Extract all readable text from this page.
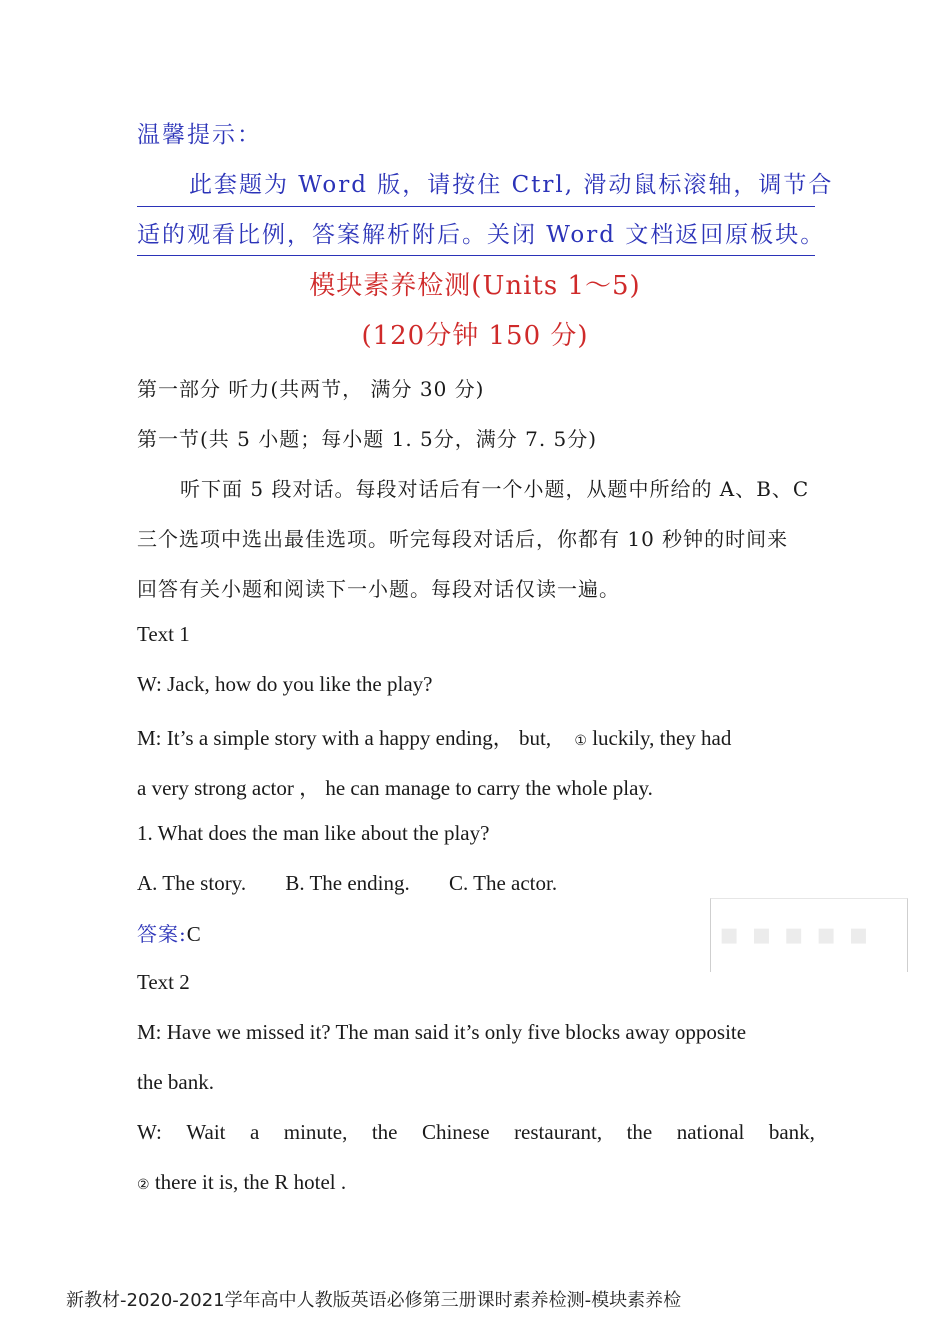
温馨提示：
此套题为 Word 版，请按住 Ctrl, 滑动鼠标滚轴，调节合
适的观看比例，答案解析附后。关闭 Word 文档返回原板块。
模块素养检测(Units 1～5)
(120分钟 150 分)
第一部分 听力(共两节， 满分 30 分)
第一节(共 5 小题；每小题 1. 5分，满分 7. 5分)
听下面 5 段对话。每段对话后有一个小题，从题中所给的 A、B、C
三个选项中选出最佳选项。听完每段对话后，你都有 10 秒钟的时间来
回答有关小题和阅读下一小题。每段对话仅读一遍。
Text 1
W: Jack, how do you like the play?
M: It’s a simple story with a happy ending， but, ① luckily, they had
a very strong actor ， he can manage to carry the whole play.
1. What does the man like about the play?
A. The story. B. The ending. C. The actor.
答案:C	▪▪▪▪▪
Text 2
M: Have we missed it? The man said it’s only five blocks away opposite
the bank.
W: Wait a minute, the Chinese restaurant, the national bank,
② there it is, the R hotel .
新教材-2020-2021学年高中人教版英语必修第三册课时素养检测-模块素养检
